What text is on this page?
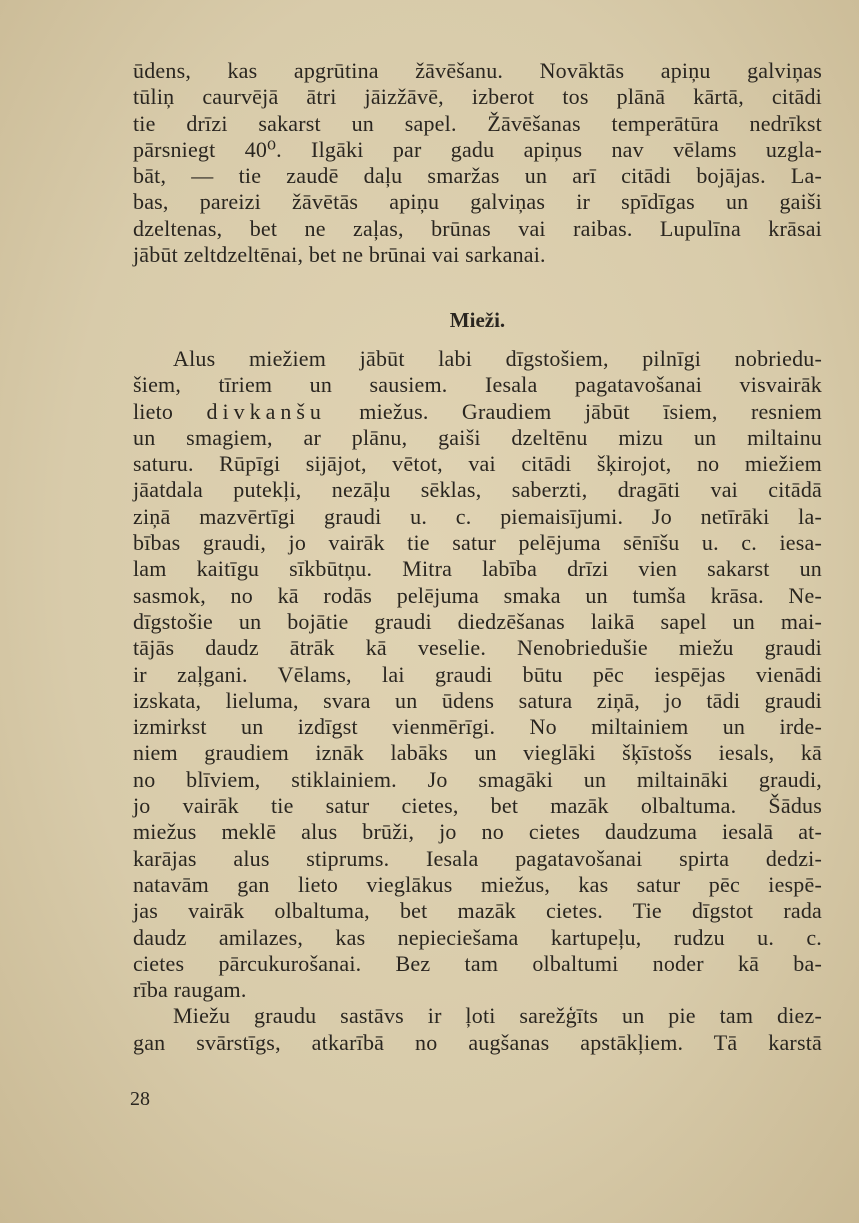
ūdens, kas apgrūtina žāvēšanu. Novāktās apiņu galviņas
tūliņ caurvējā ātri jāizžāvē, izberot tos plānā kārtā, citādi
tie drīzi sakarst un sapel. Žāvēšanas temperātūra nedrīkst
pārsniegt 40⁰. Ilgāki par gadu apiņus nav vēlams uzgla-
bāt, — tie zaudē daļu smaržas un arī citādi bojājas. La-
bas, pareizi žāvētās apiņu galviņas ir spīdīgas un gaiši
dzeltenas, bet ne zaļas, brūnas vai raibas. Lupulīna krāsai
jābūt zeltdzeltēnai, bet ne brūnai vai sarkanai.
Mieži.
Alus miežiem jābūt labi dīgstošiem, pilnīgi nobriedu-
šiem, tīriem un sausiem. Iesala pagatavošanai visvairāk
lieto divkanšu miežus. Graudiem jābūt īsiem, resniem
un smagiem, ar plānu, gaiši dzeltēnu mizu un miltainu
saturu. Rūpīgi sijājot, vētot, vai citādi šķirojot, no miežiem
jāatdala putekļi, nezāļu sēklas, saberzti, dragāti vai citādā
ziņā mazvērtīgi graudi u. c. piemaisījumi. Jo netīrāki la-
bības graudi, jo vairāk tie satur pelējuma sēnīšu u. c. iesa-
lam kaitīgu sīkbūtņu. Mitra labība drīzi vien sakarst un
sasmok, no kā rodās pelējuma smaka un tumša krāsa. Ne-
dīgstošie un bojātie graudi diedzēšanas laikā sapel un mai-
tājās daudz ātrāk kā veselie. Nenobriedušie miežu graudi
ir zaļgani. Vēlams, lai graudi būtu pēc iespējas vienādi
izskata, lieluma, svara un ūdens satura ziņā, jo tādi graudi
izmirkst un izdīgst vienmērīgi. No miltainiem un irde-
niem graudiem iznāk labāks un vieglāki šķīstošs iesals, kā
no blīviem, stiklainiem. Jo smagāki un miltaināki graudi,
jo vairāk tie satur cietes, bet mazāk olbaltuma. Šādus
miežus meklē alus brūži, jo no cietes daudzuma iesalā at-
karājas alus stiprums. Iesala pagatavošanai spirta dedzi-
natavām gan lieto vieglākus miežus, kas satur pēc iespē-
jas vairāk olbaltuma, bet mazāk cietes. Tie dīgstot rada
daudz amilazes, kas nepieciešama kartupeļu, rudzu u. c.
cietes pārcukurošanai. Bez tam olbaltumi noder kā ba-
rība raugam.
Miežu graudu sastāvs ir ļoti sarežģīts un pie tam diez-
gan svārstīgs, atkarībā no augšanas apstākļiem. Tā karstā
28
